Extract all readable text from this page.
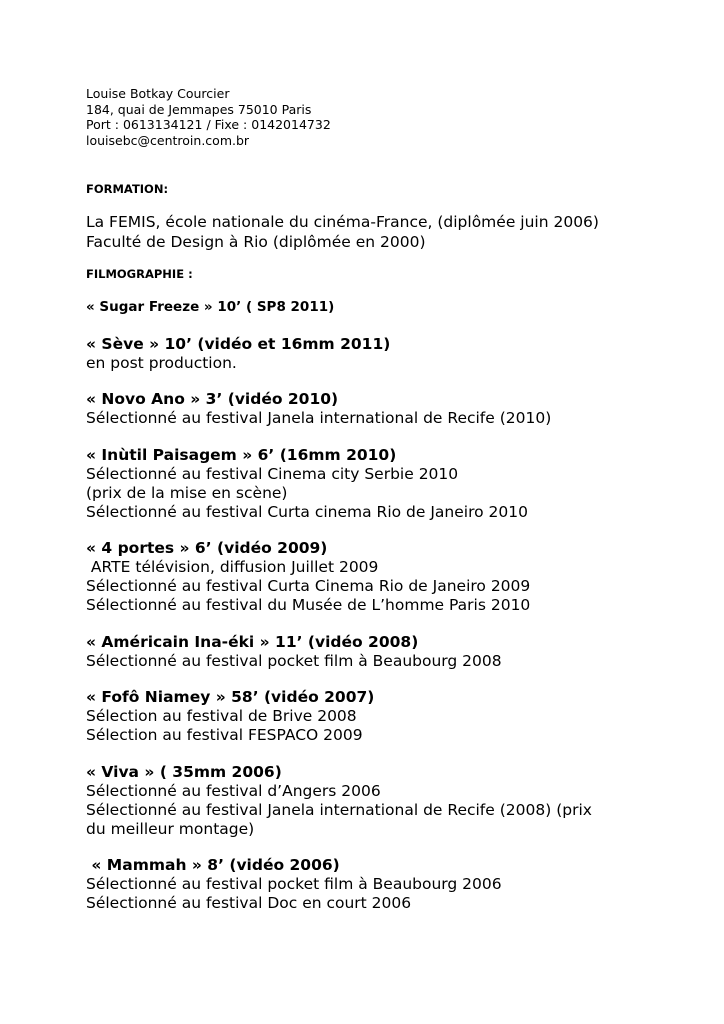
Louise Botkay Courcier
184, quai de Jemmapes 75010 Paris
Port : 0613134121 / Fixe : 0142014732
louisebc@centroin.com.br
FORMATION:
La FEMIS, école nationale du cinéma-France, (diplômée juin 2006)
Faculté de Design à Rio (diplômée en 2000)
FILMOGRAPHIE :
« Sugar Freeze » 10’ ( SP8 2011)
« Sève » 10’ (vidéo et 16mm 2011)
en post production.
« Novo Ano » 3’ (vidéo 2010)
Sélectionné au festival Janela international de Recife (2010)
« Inùtil Paisagem » 6’ (16mm 2010)
Sélectionné au festival Cinema city Serbie 2010
(prix de la mise en scène)
Sélectionné au festival Curta cinema Rio de Janeiro 2010
« 4 portes » 6’ (vidéo 2009)
ARTE télévision, diffusion Juillet 2009
Sélectionné au festival Curta Cinema Rio de Janeiro 2009
Sélectionné au festival du Musée de L’homme Paris 2010
« Américain Ina-éki » 11’ (vidéo 2008)
Sélectionné au festival pocket film à Beaubourg 2008
« Fofô Niamey » 58’ (vidéo 2007)
Sélection au festival de Brive 2008
Sélection au festival FESPACO 2009
« Viva » ( 35mm 2006)
Sélectionné au festival d’Angers 2006
Sélectionné au festival Janela international de Recife (2008) (prix du meilleur montage)
« Mammah » 8’ (vidéo 2006)
Sélectionné au festival pocket film à Beaubourg 2006
Sélectionné au festival Doc en court 2006
